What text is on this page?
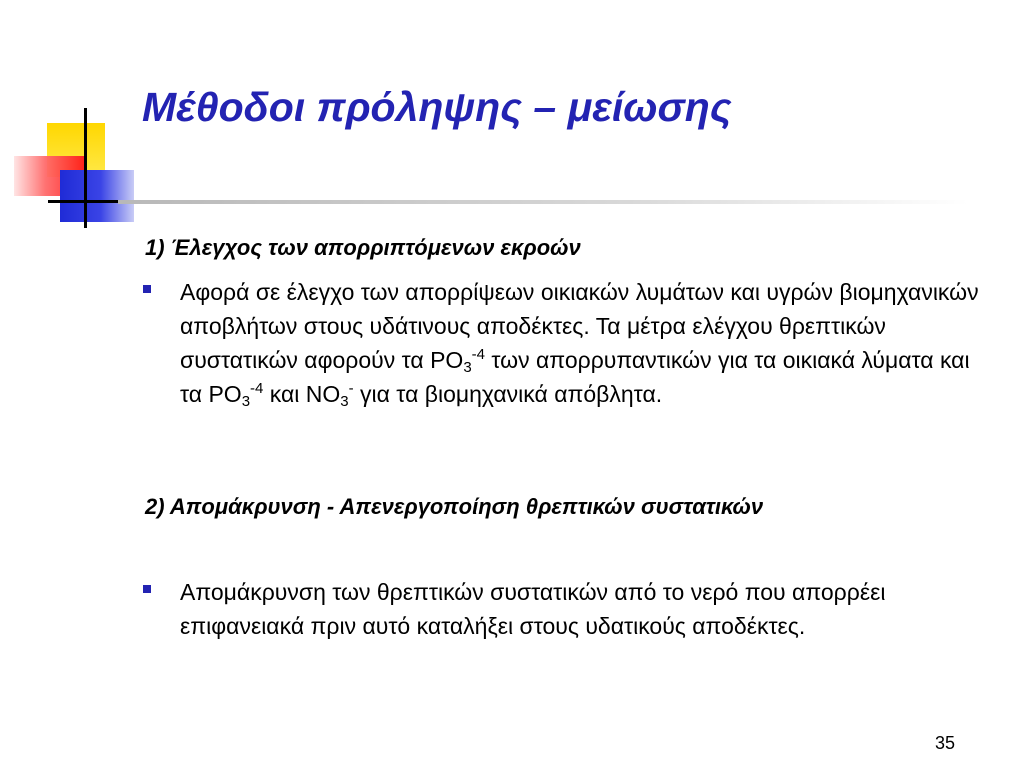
Μέθοδοι πρόληψης – μείωσης
1) Έλεγχος των απορριπτόμενων εκροών
Αφορά σε έλεγχο των απορρίψεων οικιακών λυμάτων και υγρών βιομηχανικών αποβλήτων στους υδάτινους αποδέκτες. Τα μέτρα ελέγχου θρεπτικών συστατικών αφορούν τα $PO_3^{-4}$ των απορρυπαντικών για τα οικιακά λύματα και τα $PO_3^{-4}$ και $NO_3^-$ για τα βιομηχανικά απόβλητα.
2) Απομάκρυνση - Απενεργοποίηση θρεπτικών συστατικών
Απομάκρυνση των θρεπτικών συστατικών από το νερό που απορρέει επιφανειακά πριν αυτό καταλήξει στους υδατικούς αποδέκτες.
35
